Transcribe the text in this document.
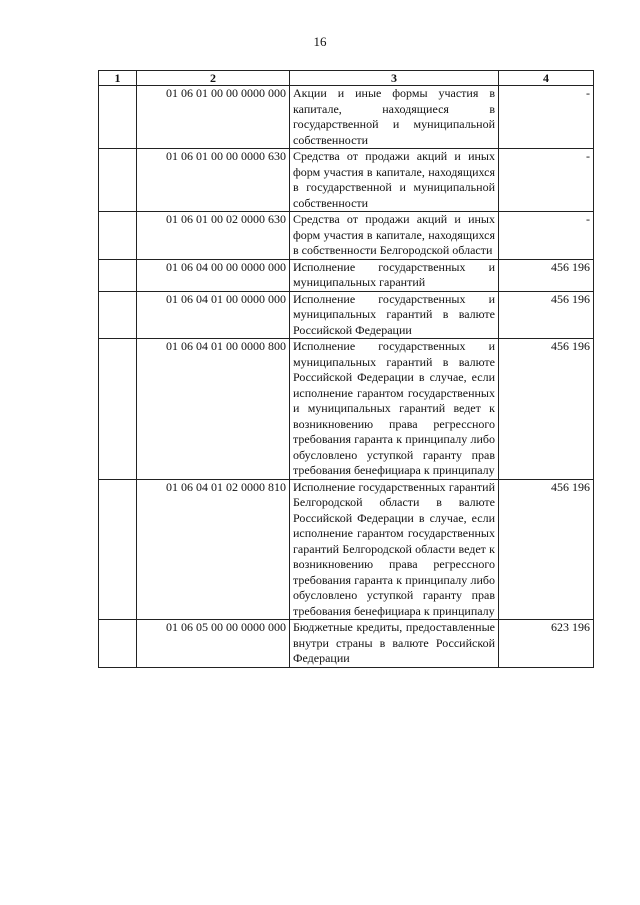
16
1	2	3	4
	01 06 01 00 00 0000 000	Акции и иные формы участия в капитале, находящиеся в государственной и муниципальной собственности	-
	01 06 01 00 00 0000 630	Средства от продажи акций и иных форм участия в капитале, находящихся в государственной и муниципальной собственности	-
	01 06 01 00 02 0000 630	Средства от продажи акций и иных форм участия в капитале, находящихся в собственности Белгородской области	-
	01 06 04 00 00 0000 000	Исполнение государственных и муниципальных гарантий	456 196
	01 06 04 01 00 0000 000	Исполнение государственных и муниципальных гарантий в валюте Российской Федерации	456 196
	01 06 04 01 00 0000 800	Исполнение государственных и муниципальных гарантий в валюте Российской Федерации в случае, если исполнение гарантом государственных и муниципальных гарантий ведет к возникновению права регрессного требования гаранта к принципалу либо обусловлено уступкой гаранту прав требования бенефициара к принципалу	456 196
	01 06 04 01 02 0000 810	Исполнение государственных гарантий Белгородской области в валюте Российской Федерации в случае, если исполнение гарантом государственных гарантий Белгородской области ведет к возникновению права регрессного требования гаранта к принципалу либо обусловлено уступкой гаранту прав требования бенефициара к принципалу	456 196
	01 06 05 00 00 0000 000	Бюджетные кредиты, предоставленные внутри страны в валюте Российской Федерации	623 196
